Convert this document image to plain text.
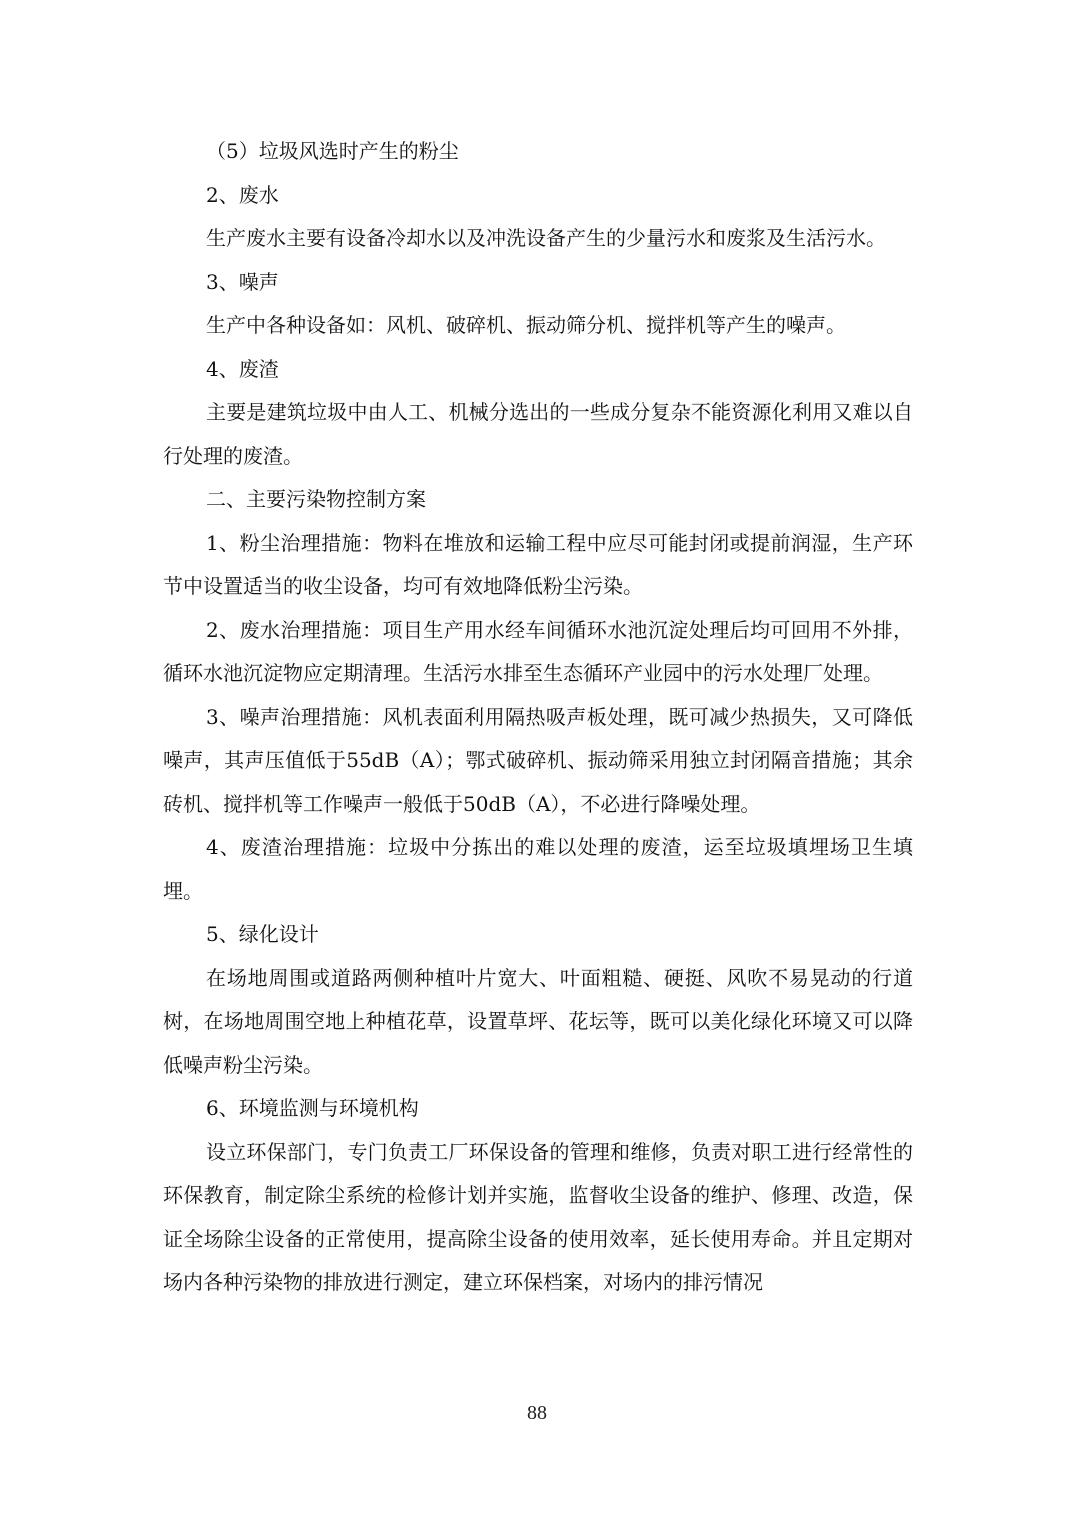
（5）垃圾风选时产生的粉尘

2、废水

生产废水主要有设备冷却水以及冲洗设备产生的少量污水和废浆及生活污水。

3、噪声

生产中各种设备如：风机、破碎机、振动筛分机、搅拌机等产生的噪声。

4、废渣

主要是建筑垃圾中由人工、机械分选出的一些成分复杂不能资源化利用又难以自行处理的废渣。

二、主要污染物控制方案

1、粉尘治理措施：物料在堆放和运输工程中应尽可能封闭或提前润湿，生产环节中设置适当的收尘设备，均可有效地降低粉尘污染。

2、废水治理措施：项目生产用水经车间循环水池沉淀处理后均可回用不外排，循环水池沉淀物应定期清理。生活污水排至生态循环产业园中的污水处理厂处理。

3、噪声治理措施：风机表面利用隔热吸声板处理，既可减少热损失，又可降低噪声，其声压值低于55dB（A）；鄂式破碎机、振动筛采用独立封闭隔音措施；其余砖机、搅拌机等工作噪声一般低于50dB（A），不必进行降噪处理。

4、废渣治理措施：垃圾中分拣出的难以处理的废渣，运至垃圾填埋场卫生填埋。

5、绿化设计

在场地周围或道路两侧种植叶片宽大、叶面粗糙、硬挺、风吹不易晃动的行道树，在场地周围空地上种植花草，设置草坪、花坛等，既可以美化绿化环境又可以降低噪声粉尘污染。

6、环境监测与环境机构

设立环保部门，专门负责工厂环保设备的管理和维修，负责对职工进行经常性的环保教育，制定除尘系统的检修计划并实施，监督收尘设备的维护、修理、改造，保证全场除尘设备的正常使用，提高除尘设备的使用效率，延长使用寿命。并且定期对场内各种污染物的排放进行测定，建立环保档案，对场内的排污情况

88
